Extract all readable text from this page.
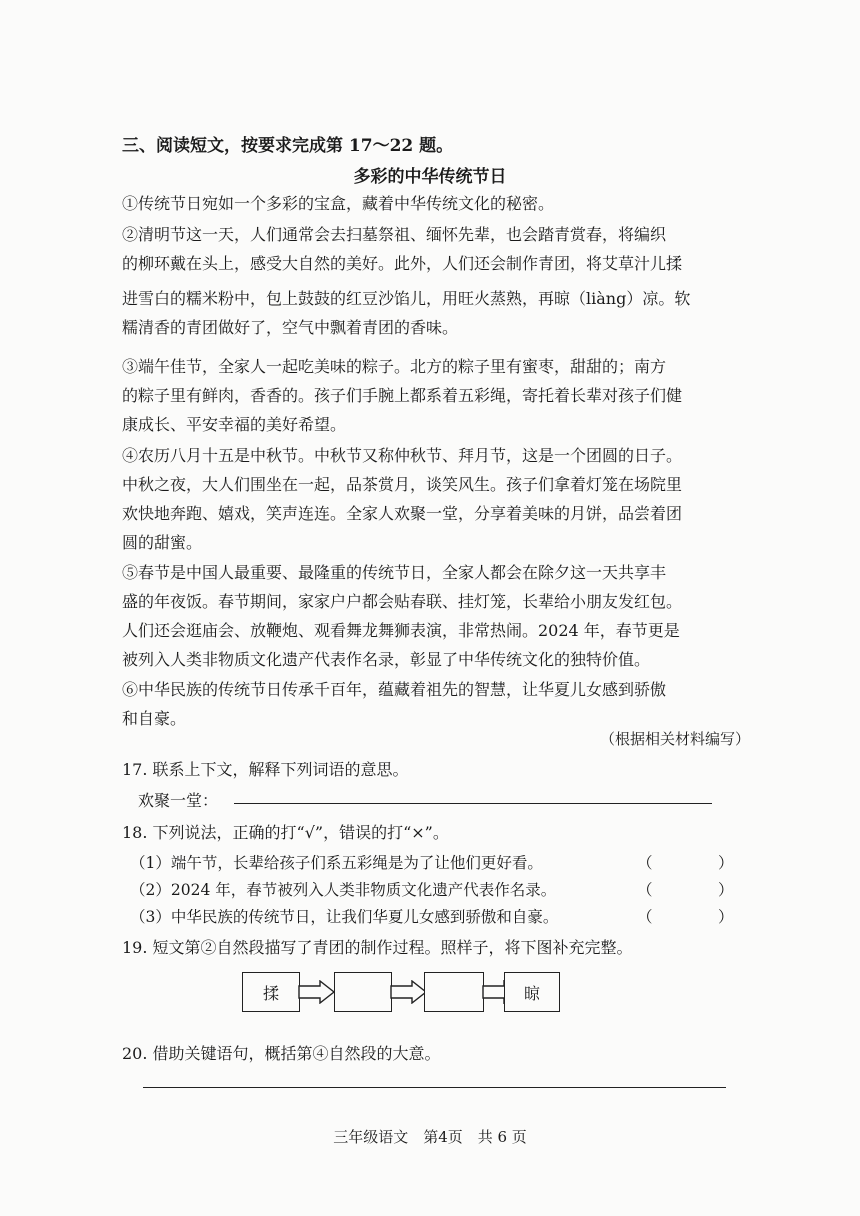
三、阅读短文，按要求完成第 17～22 题。
多彩的中华传统节日
①传统节日宛如一个多彩的宝盒，藏着中华传统文化的秘密。
②清明节这一天，人们通常会去扫墓祭祖、缅怀先辈，也会踏青赏春，将编织
的柳环戴在头上，感受大自然的美好。此外，人们还会制作青团，将艾草汁儿揉
进雪白的糯米粉中，包上鼓鼓的红豆沙馅儿，用旺火蒸熟，再晾（liàng）凉。软
糯清香的青团做好了，空气中飘着青团的香味。
③端午佳节，全家人一起吃美味的粽子。北方的粽子里有蜜枣，甜甜的；南方
的粽子里有鲜肉，香香的。孩子们手腕上都系着五彩绳，寄托着长辈对孩子们健
康成长、平安幸福的美好希望。
④农历八月十五是中秋节。中秋节又称仲秋节、拜月节，这是一个团圆的日子。
中秋之夜，大人们围坐在一起，品茶赏月，谈笑风生。孩子们拿着灯笼在场院里
欢快地奔跑、嬉戏，笑声连连。全家人欢聚一堂，分享着美味的月饼，品尝着团
圆的甜蜜。
⑤春节是中国人最重要、最隆重的传统节日，全家人都会在除夕这一天共享丰
盛的年夜饭。春节期间，家家户户都会贴春联、挂灯笼，长辈给小朋友发红包。
人们还会逛庙会、放鞭炮、观看舞龙舞狮表演，非常热闹。2024 年，春节更是
被列入人类非物质文化遗产代表作名录，彰显了中华传统文化的独特价值。
⑥中华民族的传统节日传承千百年，蕴藏着祖先的智慧，让华夏儿女感到骄傲
和自豪。
（根据相关材料编写）
17. 联系上下文，解释下列词语的意思。
欢聚一堂：
18. 下列说法，正确的打“√”，错误的打“×”。
（1）端午节，长辈给孩子们系五彩绳是为了让他们更好看。	（	）
（2）2024 年，春节被列入人类非物质文化遗产代表作名录。	（	）
（3）中华民族的传统节日，让我们华夏儿女感到骄傲和自豪。	（	）
19. 短文第②自然段描写了青团的制作过程。照样子，将下图补充完整。
揉	晾
20. 借助关键语句，概括第④自然段的大意。
三年级语文　第4页　共 6 页
